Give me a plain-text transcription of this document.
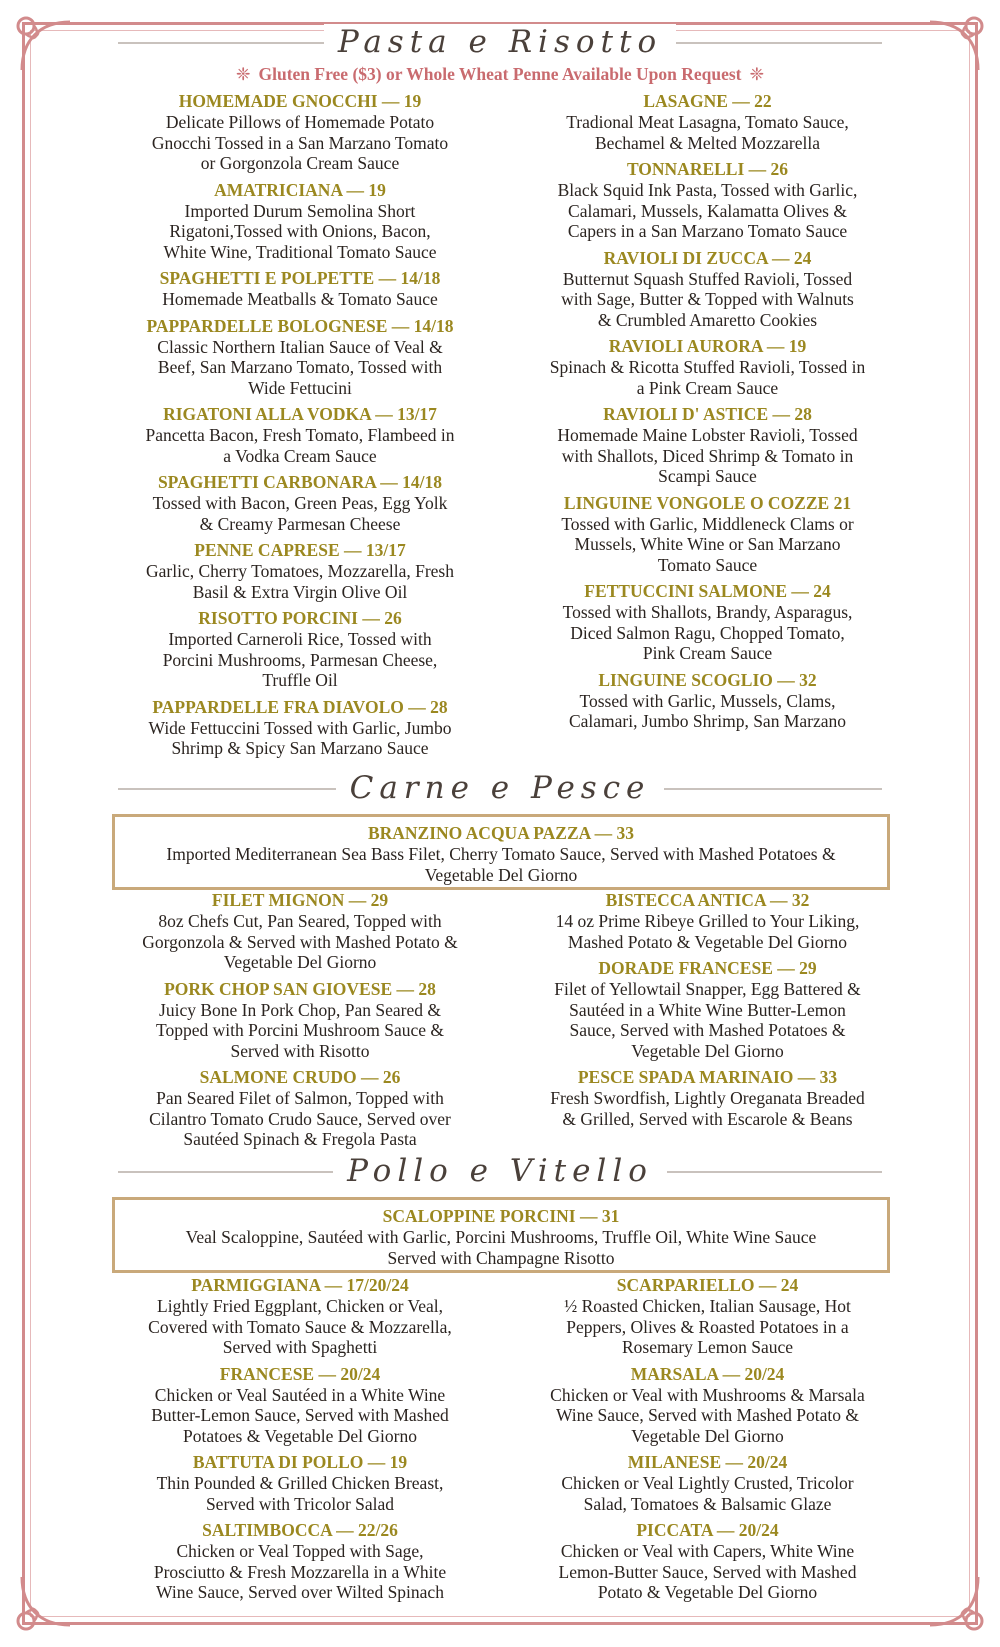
Pasta e Risotto
❈ Gluten Free ($3) or Whole Wheat Penne Available Upon Request ❈
HOMEMADE GNOCCHI — 19
Delicate Pillows of Homemade Potato
Gnocchi Tossed in a San Marzano Tomato
or Gorgonzola Cream Sauce
AMATRICIANA — 19
Imported Durum Semolina Short
Rigatoni,Tossed with Onions, Bacon,
White Wine, Traditional Tomato Sauce
SPAGHETTI E POLPETTE — 14/18
Homemade Meatballs & Tomato Sauce
PAPPARDELLE BOLOGNESE — 14/18
Classic Northern Italian Sauce of Veal &
Beef, San Marzano Tomato, Tossed with
Wide Fettucini
RIGATONI ALLA VODKA — 13/17
Pancetta Bacon, Fresh Tomato, Flambeed in
a Vodka Cream Sauce
SPAGHETTI CARBONARA — 14/18
Tossed with Bacon, Green Peas, Egg Yolk
& Creamy Parmesan Cheese
PENNE CAPRESE — 13/17
Garlic, Cherry Tomatoes, Mozzarella, Fresh
Basil & Extra Virgin Olive Oil
RISOTTO PORCINI — 26
Imported Carneroli Rice, Tossed with
Porcini Mushrooms, Parmesan Cheese,
Truffle Oil
PAPPARDELLE FRA DIAVOLO — 28
Wide Fettuccini Tossed with Garlic, Jumbo
Shrimp & Spicy San Marzano Sauce
LASAGNE — 22
Tradional Meat Lasagna, Tomato Sauce,
Bechamel & Melted Mozzarella
TONNARELLI — 26
Black Squid Ink Pasta, Tossed with Garlic,
Calamari, Mussels, Kalamatta Olives &
Capers in a San Marzano Tomato Sauce
RAVIOLI DI ZUCCA — 24
Butternut Squash Stuffed Ravioli, Tossed
with Sage, Butter & Topped with Walnuts
& Crumbled Amaretto Cookies
RAVIOLI AURORA — 19
Spinach & Ricotta Stuffed Ravioli, Tossed in
a Pink Cream Sauce
RAVIOLI D' ASTICE — 28
Homemade Maine Lobster Ravioli, Tossed
with Shallots, Diced Shrimp & Tomato in
Scampi Sauce
LINGUINE VONGOLE O COZZE 21
Tossed with Garlic, Middleneck Clams or
Mussels, White Wine or San Marzano
Tomato Sauce
FETTUCCINI SALMONE — 24
Tossed with Shallots, Brandy, Asparagus,
Diced Salmon Ragu, Chopped Tomato,
Pink Cream Sauce
LINGUINE SCOGLIO — 32
Tossed with Garlic, Mussels, Clams,
Calamari, Jumbo Shrimp, San Marzano
Carne e Pesce
BRANZINO ACQUA PAZZA — 33
Imported Mediterranean Sea Bass Filet, Cherry Tomato Sauce, Served with Mashed Potatoes &
Vegetable Del Giorno
FILET MIGNON — 29
8oz Chefs Cut, Pan Seared, Topped with
Gorgonzola & Served with Mashed Potato &
Vegetable Del Giorno
PORK CHOP SAN GIOVESE — 28
Juicy Bone In Pork Chop, Pan Seared &
Topped with Porcini Mushroom Sauce &
Served with Risotto
SALMONE CRUDO — 26
Pan Seared Filet of Salmon, Topped with
Cilantro Tomato Crudo Sauce, Served over
Sautéed Spinach & Fregola Pasta
BISTECCA ANTICA — 32
14 oz Prime Ribeye Grilled to Your Liking,
Mashed Potato & Vegetable Del Giorno
DORADE FRANCESE — 29
Filet of Yellowtail Snapper, Egg Battered &
Sautéed in a White Wine Butter-Lemon
Sauce, Served with Mashed Potatoes &
Vegetable Del Giorno
PESCE SPADA MARINAIO — 33
Fresh Swordfish, Lightly Oreganata Breaded
& Grilled, Served with Escarole & Beans
Pollo e Vitello
SCALOPPINE PORCINI — 31
Veal Scaloppine, Sautéed with Garlic, Porcini Mushrooms, Truffle Oil, White Wine Sauce
Served with Champagne Risotto
PARMIGGIANA — 17/20/24
Lightly Fried Eggplant, Chicken or Veal,
Covered with Tomato Sauce & Mozzarella,
Served with Spaghetti
FRANCESE — 20/24
Chicken or Veal Sautéed in a White Wine
Butter-Lemon Sauce, Served with Mashed
Potatoes & Vegetable Del Giorno
BATTUTA DI POLLO — 19
Thin Pounded & Grilled Chicken Breast,
Served with Tricolor Salad
SALTIMBOCCA — 22/26
Chicken or Veal Topped with Sage,
Prosciutto & Fresh Mozzarella in a White
Wine Sauce, Served over Wilted Spinach
SCARPARIELLO — 24
½ Roasted Chicken, Italian Sausage, Hot
Peppers, Olives & Roasted Potatoes in a
Rosemary Lemon Sauce
MARSALA — 20/24
Chicken or Veal with Mushrooms & Marsala
Wine Sauce, Served with Mashed Potato &
Vegetable Del Giorno
MILANESE — 20/24
Chicken or Veal Lightly Crusted, Tricolor
Salad, Tomatoes & Balsamic Glaze
PICCATA — 20/24
Chicken or Veal with Capers, White Wine
Lemon-Butter Sauce, Served with Mashed
Potato & Vegetable Del Giorno
